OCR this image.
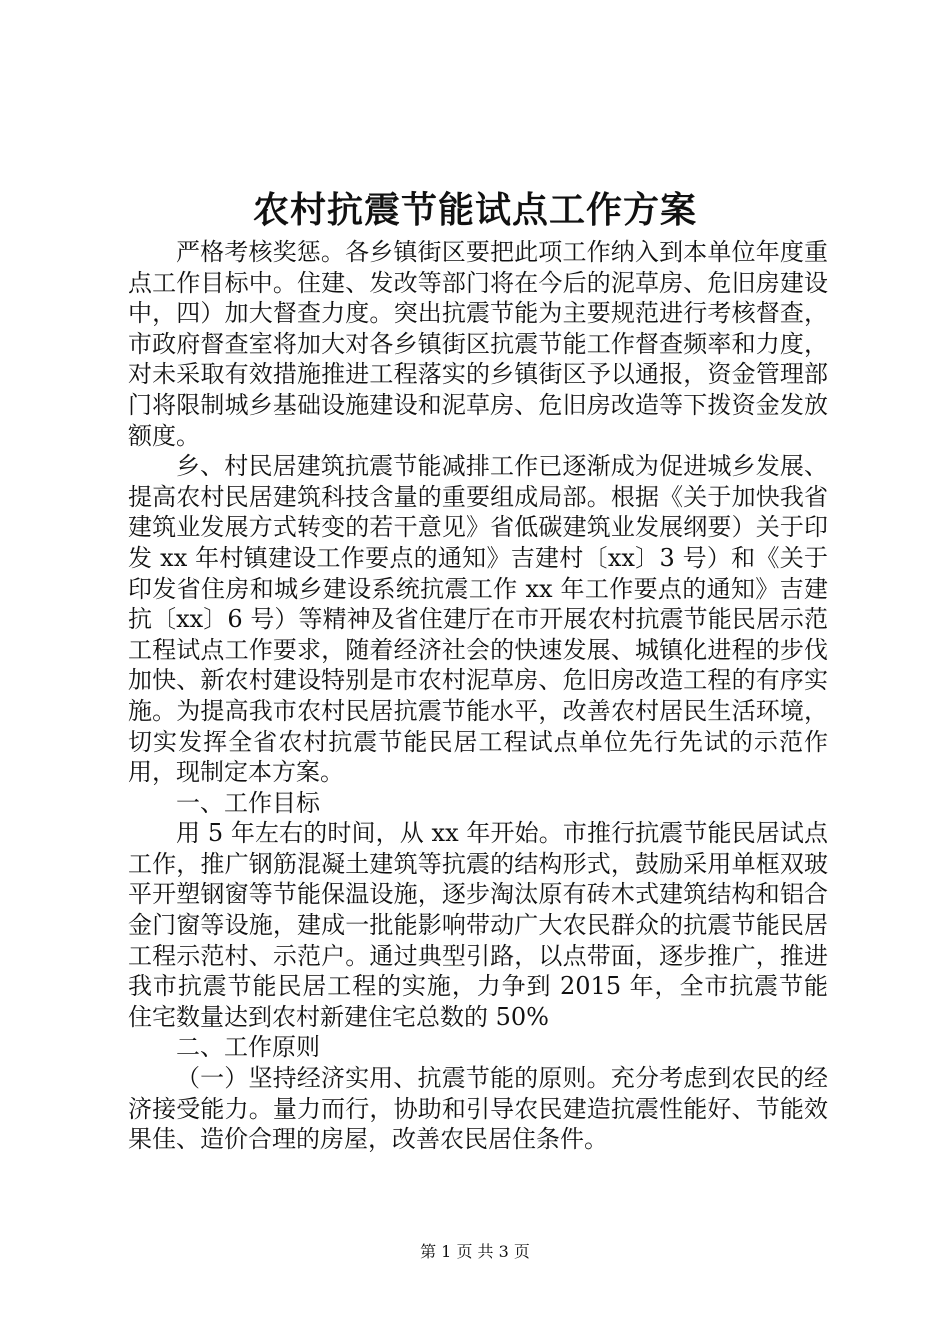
农村抗震节能试点工作方案

严格考核奖惩。各乡镇街区要把此项工作纳入到本单位年度重点工作目标中。住建、发改等部门将在今后的泥草房、危旧房建设中，四）加大督查力度。突出抗震节能为主要规范进行考核督查，市政府督查室将加大对各乡镇街区抗震节能工作督查频率和力度，对未采取有效措施推进工程落实的乡镇街区予以通报，资金管理部门将限制城乡基础设施建设和泥草房、危旧房改造等下拨资金发放额度。

乡、村民居建筑抗震节能减排工作已逐渐成为促进城乡发展、提高农村民居建筑科技含量的重要组成局部。根据《关于加快我省建筑业发展方式转变的若干意见》省低碳建筑业发展纲要）关于印发 xx 年村镇建设工作要点的通知》吉建村〔xx〕3 号）和《关于印发省住房和城乡建设系统抗震工作 xx 年工作要点的通知》吉建抗〔xx〕6 号）等精神及省住建厅在市开展农村抗震节能民居示范工程试点工作要求，随着经济社会的快速发展、城镇化进程的步伐加快、新农村建设特别是市农村泥草房、危旧房改造工程的有序实施。为提高我市农村民居抗震节能水平，改善农村居民生活环境，切实发挥全省农村抗震节能民居工程试点单位先行先试的示范作用，现制定本方案。

一、工作目标

用 5 年左右的时间，从 xx 年开始。市推行抗震节能民居试点工作，推广钢筋混凝土建筑等抗震的结构形式，鼓励采用单框双玻平开塑钢窗等节能保温设施，逐步淘汰原有砖木式建筑结构和铝合金门窗等设施，建成一批能影响带动广大农民群众的抗震节能民居工程示范村、示范户。通过典型引路，以点带面，逐步推广，推进我市抗震节能民居工程的实施，力争到 2015 年，全市抗震节能住宅数量达到农村新建住宅总数的 50%

二、工作原则

（一）坚持经济实用、抗震节能的原则。充分考虑到农民的经济接受能力。量力而行，协助和引导农民建造抗震性能好、节能效果佳、造价合理的房屋，改善农民居住条件。

第 1 页 共 3 页
